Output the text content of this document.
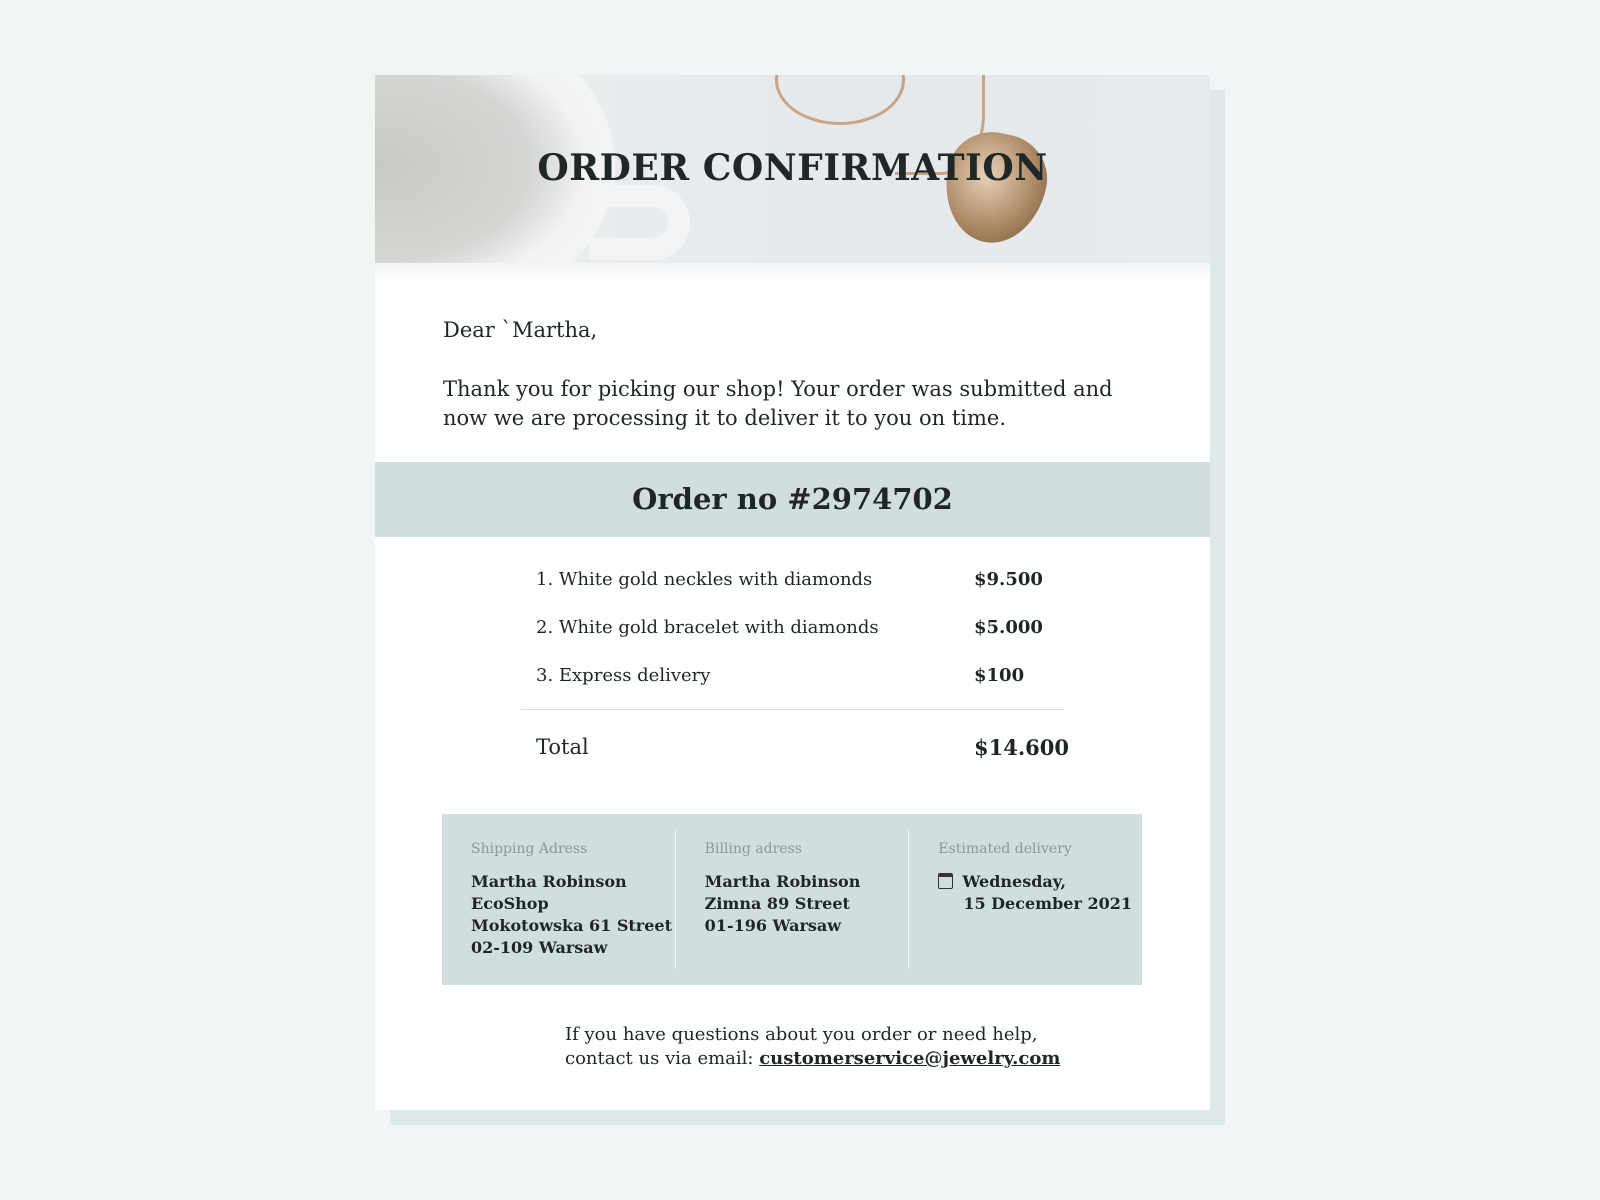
ORDER CONFIRMATION
Dear `Martha,
Thank you for picking our shop! Your order was submitted and now we are processing it to deliver it to you on time.
Order no #2974702
1. White gold neckles with diamonds	$9.500
2. White gold bracelet with diamonds	$5.000
3. Express delivery	$100
Total	$14.600
Shipping Adress
Martha Robinson
EcoShop
Mokotowska 61 Street
02-109 Warsaw
Billing adress
Martha Robinson
Zimna 89 Street
01-196 Warsaw
Estimated delivery
Wednesday,
15 December 2021
If you have questions about you order or need help,
contact us via email: customerservice@jewelry.com
